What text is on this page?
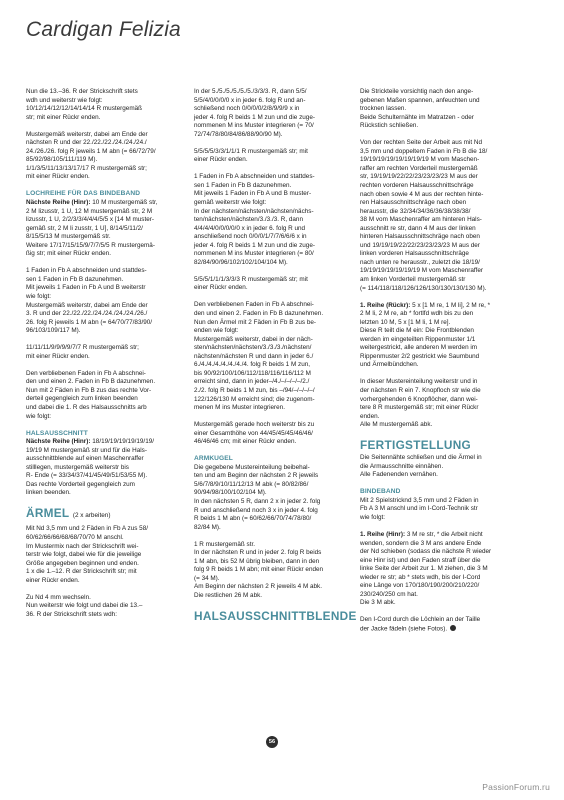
Cardigan Felizia

Nun die 13.–36. R der Strickschrift stets
wdh und weiterstr wie folgt:
10/12/14/12/12/14/14/14 R mustergemäß
str; mit einer Rückr enden.

Mustergemäß weiterstr, dabei am Ende der
nächsten R und der 22./22./22./24./24./24./
24./26./26. folg R jeweils 1 M abn (= 66/72/79/
85/92/98/105/111/119 M).
1/1/3/5/11/13/13/17/17 R mustergemäß str;
mit einer Rückr enden.

LOCHREIHE FÜR DAS BINDEBAND

Nächste Reihe (Hinr): 10 M mustergemäß str,
2 M lizusstr, 1 U, 12 M mustergemäß str, 2 M
lizusstr, 1 U, 2/2/3/3/4/4/4/5/5 x [14 M muster-
gemäß str, 2 M li zusstr, 1 U], 8/14/5/11/2/
8/15/5/13 M mustergemäß str.
Weitere 17/17/15/15/9/7/7/5/5 R mustergemä-
ßig str; mit einer Rückr enden.

1 Faden in Fb A abschneiden und stattdes-
sen 1 Faden in Fb B dazunehmen.
Mit jeweils 1 Faden in Fb A und B weiterstr
wie folgt:
Mustergemäß weiterstr, dabei am Ende der
3. R und der 22./22./22./24./24./24./24./26./
26. folg R jeweils 1 M abn (= 64/70/77/83/90/
96/103/109/117 M).

11/11/11/9/9/9/9/7/7 R mustergemäß str;
mit einer Rückr enden.

Den verbliebenen Faden in Fb A abschnei-
den und einen 2. Faden in Fb B dazunehmen.
Nun mit 2 Fäden in Fb B zus das rechte Vor-
derteil gegengleich zum linken beenden
und dabei die 1. R des Halsausschnitts arb
wie folgt:

HALSAUSSCHNITT

Nächste Reihe (Hinr): 18/19/19/19/19/19/19/
19/19 M mustergemäß str und für die Hals-
ausschnittblende auf einen Maschenraffer
stilllegen, mustergemäß weiterstr bis
R- Ende (= 33/34/37/41/45/49/51/53/55 M).
Das rechte Vorderteil gegengleich zum
linken beenden.

ÄRMEL (2 x arbeiten)

Mit Nd 3,5 mm und 2 Fäden in Fb A zus 58/
60/62/66/66/68/68/70/70 M anschl.
Im Mustermix nach der Strickschrift wei-
terstr wie folgt, dabei wie für die jeweilige
Größe angegeben beginnen und enden.
1 x die 1.–12. R der Strickschrift str; mit
einer Rückr enden.

Zu Nd 4 mm wechseln.
Nun weiterstr wie folgt und dabei die 13.–
36. R der Strickschrift stets wdh:

In der 5./5./5./5./5./5./3/3/3. R, dann 5/5/
5/5/4/0/0/0/0 x in jeder 6. folg R und an-
schließend noch 0/0/0/0/2/8/9/9/9 x in
jeder 4. folg R beids 1 M zun und die zuge-
nommenen M ins Muster integrieren (= 70/
72/74/78/80/84/86/88/90/90 M).

5/5/5/5/3/3/1/1/1 R mustergemäß str; mit
einer Rückr enden.

1 Faden in Fb A abschneiden und stattdes-
sen 1 Faden in Fb B dazunehmen.
Mit jeweils 1 Faden in Fb A und B muster-
gemäß weiterstr wie folgt:
In der nächsten/nächsten/nächsten/nächs-
ten/nächsten/nächsten/3./3./3. R, dann
4/4/4/4/0/0/0/0/0 x in jeder 6. folg R und
anschließend noch 0/0/0/1/7/7/6/6/6 x in
jeder 4. folg R beids 1 M zun und die zuge-
nommenen M ins Muster integrieren (= 80/
82/84/90/96/102/102/104/104 M).

5/5/5/1/1/1/3/3/3 R mustergemäß str; mit
einer Rückr enden.

Den verbliebenen Faden in Fb A abschnei-
den und einen 2. Faden in Fb B dazunehmen.
Nun den Ärmel mit 2 Fäden in Fb B zus be-
enden wie folgt:
Mustergemäß weiterstr, dabei in der näch-
sten/nächsten/nächsten/3./3./3./nächsten/
nächsten/nächsten R und dann in jeder 6./
6./4./4./4./4./4./4./4. folg R beids 1 M zun,
bis 90/92/100/106/112/118/116/116/112 M
erreicht sind, dann in jeder–/4./–/–/–/–/2./
2./2. folg R beids 1 M zun, bis –/94/–/–/–/–/
122/126/130 M erreicht sind; die zugenom-
menen M ins Muster integrieren.

Mustergemäß gerade hoch weiterstr bis zu
einer Gesamthöhe von 44/45/45/45/46/46/
46/46/46 cm; mit einer Rückr enden.

ARMKUGEL

Die gegebene Mustereinteilung beibehal-
ten und am Beginn der nächsten 2 R jeweils
5/6/7/8/9/10/11/12/13 M abk (= 80/82/86/
90/94/98/100/102/104 M).
In den nächsten 5 R, dann 2 x in jeder 2. folg
R und anschließend noch 3 x in jeder 4. folg
R beids 1 M abn (= 60/62/66/70/74/78/80/
82/84 M).

1 R mustergemäß str.
In der nächsten R und in jeder 2. folg R beids
1 M abn, bis 52 M übrig bleiben, dann in den
folg 9 R beids 1 M abn; mit einer Rückr enden
(= 34 M).
Am Beginn der nächsten 2 R jeweils 4 M abk.
Die restlichen 26 M abk.

HALSAUSSCHNITTBLENDE

Die Strickteile vorsichtig nach den ange-
gebenen Maßen spannen, anfeuchten und
trocknen lassen.
Beide Schulternähte im Matratzen - oder
Rückstich schließen.

Von der rechten Seite der Arbeit aus mit Nd
3,5 mm und doppeltem Faden in Fb B die 18/
19/19/19/19/19/19/19/19 M vom Maschen-
raffer am rechten Vorderteil mustergemäß
str, 19/19/19/22/22/23/23/23/23 M aus der
rechten vorderen Halsausschnittschräge
nach oben sowie 4 M aus der rechten hinte-
ren Halsausschnittschräge nach oben
herausstr, die 32/34/34/36/36/38/38/38/
38 M vom Maschenraffer am hinteren Hals-
ausschnitt re str, dann 4 M aus der linken
hinteren Halsausschnittschräge nach oben
und 19/19/19/22/22/23/23/23/23 M aus der
linken vorderen Halsausschnittschräge
nach unten re herausstr., zuletzt die 18/19/
19/19/19/19/19/19/19 M vom Maschenraffer
am linken Vorderteil mustergemäß str
(= 114/118/118/126/126/130/130/130/130 M).

1. Reihe (Rückr): 5 x [1 M re, 1 M li], 2 M re, *
2 M li, 2 M re, ab * fortlfd wdh bis zu den
letzten 10 M, 5 x [1 M li, 1 M re].
Diese R teilt die M ein: Die Frontblenden
werden im eingeteilten Rippenmuster 1/1
weitergestrickt, alle anderen M werden im
Rippenmuster 2/2 gestrickt wie Saumbund
und Ärmelbündchen.

In dieser Mustereinteilung weiterstr und in
der nächsten R ein 7. Knopfloch str wie die
vorhergehenden 6 Knopflöcher, dann wei-
tere 8 R mustergemäß str; mit einer Rückr
enden.
Alle M mustergemäß abk.

FERTIGSTELLUNG

Die Seitennähte schließen und die Ärmel in
die Armausschnitte einnähen.
Alle Fadenenden vernähen.

BINDEBAND

Mit 2 Spielstricknd 3,5 mm und 2 Fäden in
Fb A 3 M anschl und im I-Cord-Technik str
wie folgt:

1. Reihe (Hinr): 3 M re str, * die Arbeit nicht
wenden, sondern die 3 M ans andere Ende
der Nd schieben (sodass die nächste R wieder
eine Hinr ist) und den Faden straff über die
linke Seite der Arbeit zur 1. M ziehen, die 3 M
wieder re str; ab * stets wdh, bis der I-Cord
eine Länge von 170/180/190/200/210/220/
230/240/250 cm hat.
Die 3 M abk.

Den I-Cord durch die Löchlein an der Taille
der Jacke fädeln (siehe Fotos).

56
PassionForum.ru
